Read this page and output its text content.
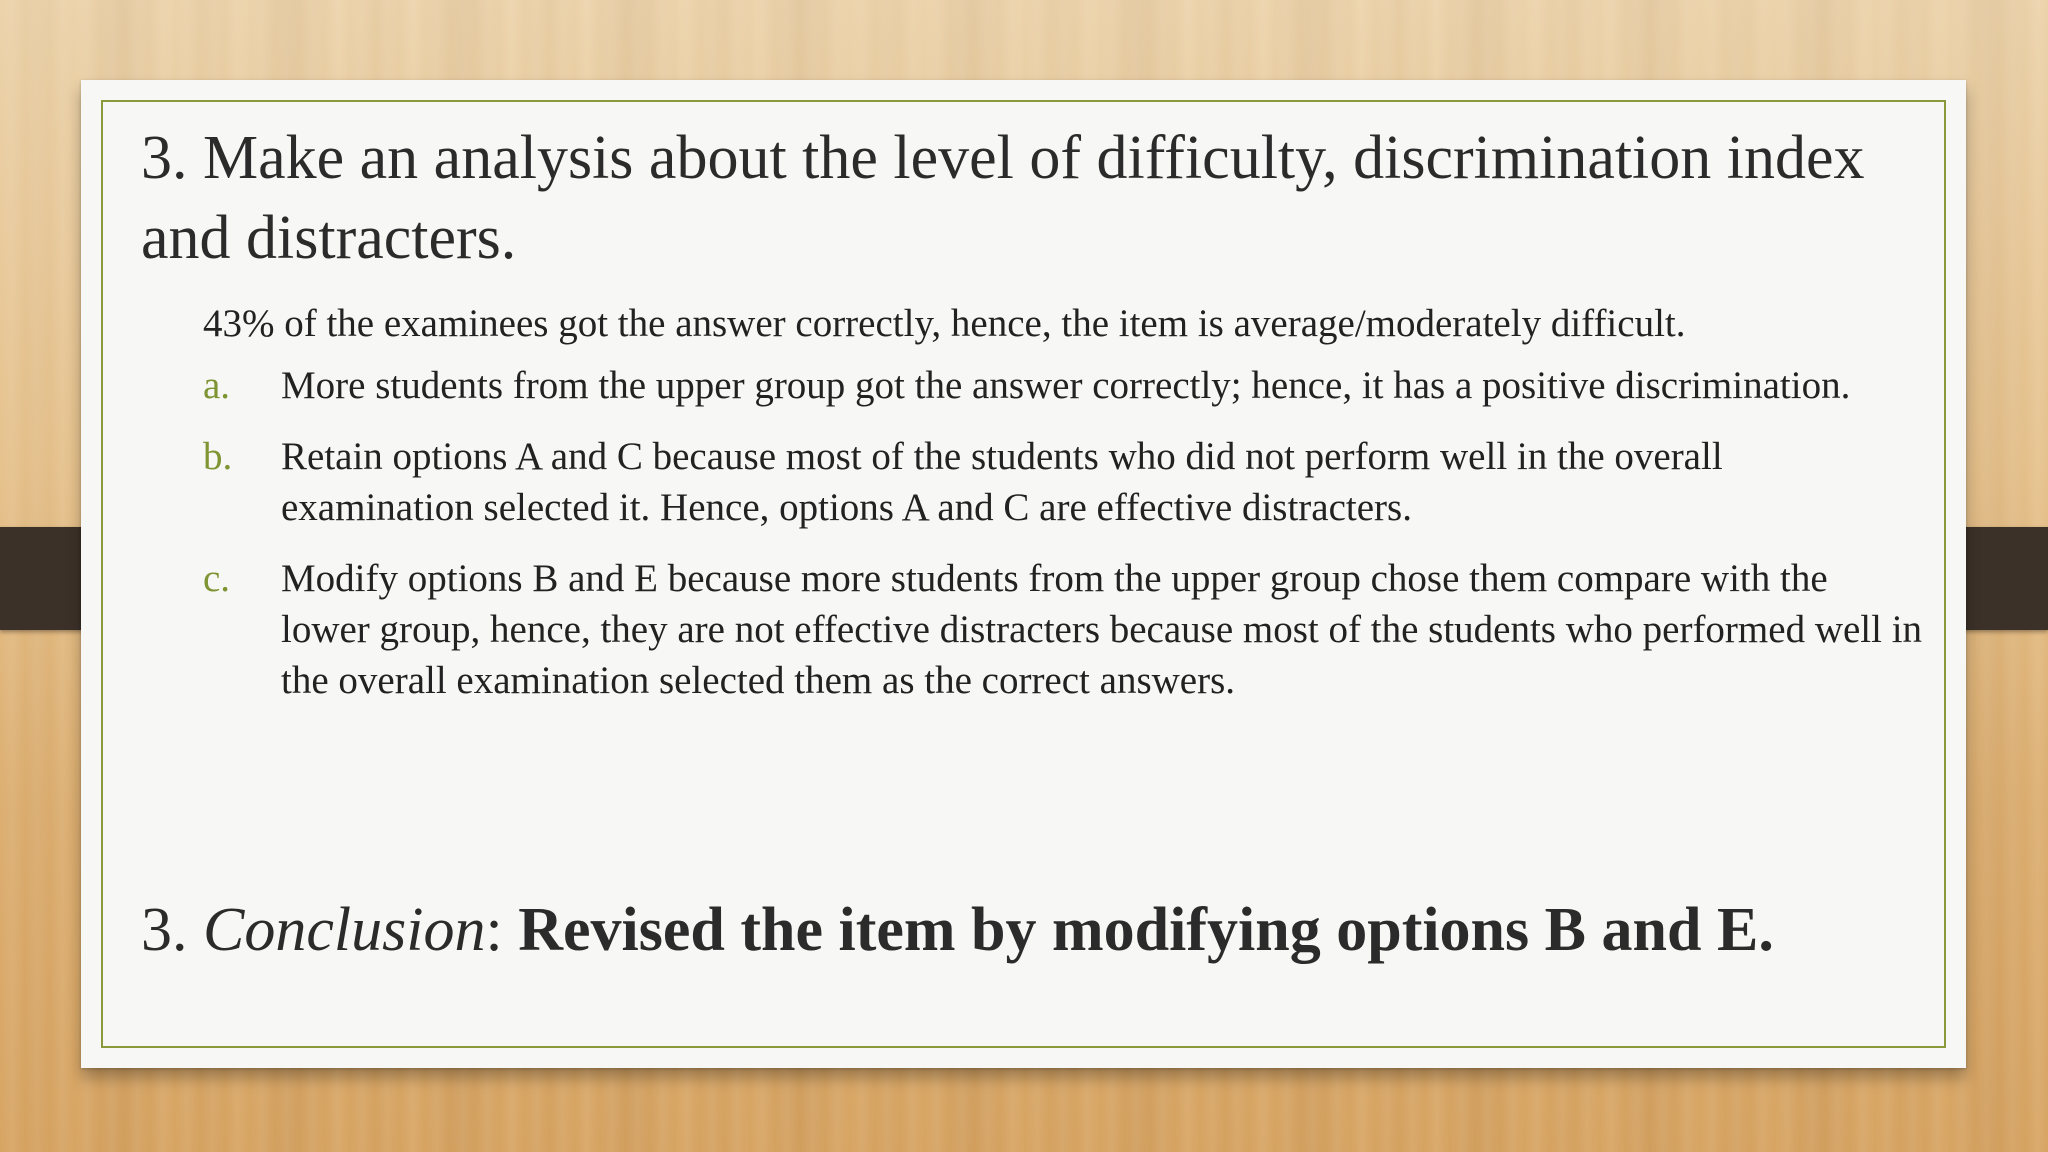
3. Make an analysis about the level of difficulty, discrimination index and distracters.

43% of the examinees got the answer correctly, hence, the item is average/moderately difficult.

a. More students from the upper group got the answer correctly; hence, it has a positive discrimination.
b. Retain options A and C because most of the students who did not perform well in the overall examination selected it. Hence, options A and C are effective distracters.
c. Modify options B and E because more students from the upper group chose them compare with the lower group, hence, they are not effective distracters because most of the students who performed well in the overall examination selected them as the correct answers.

3. Conclusion: Revised the item by modifying options B and E.
